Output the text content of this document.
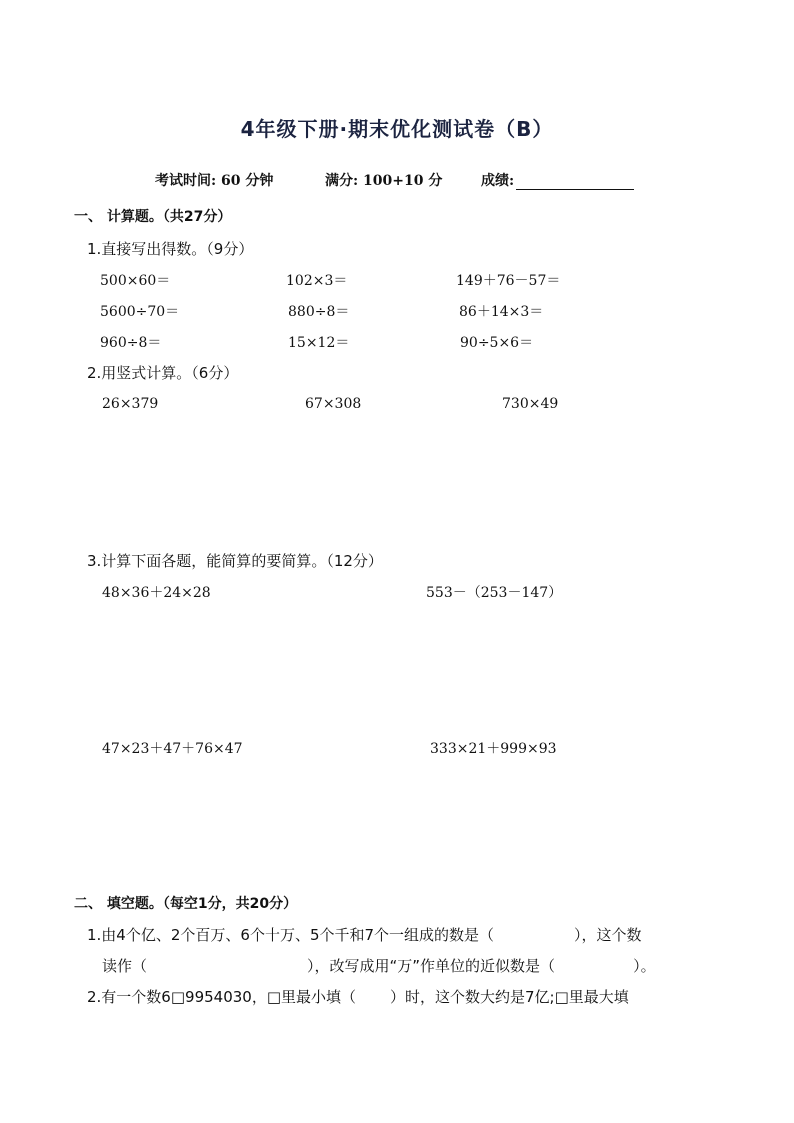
4年级下册·期末优化测试卷（B）
考试时间: 60 分钟	满分: 100+10 分	成绩:
一、 计算题。（共27分）
1.直接写出得数。（9分）
500×60＝	102×3＝	149＋76－57＝
5600÷70＝	880÷8＝	86＋14×3＝
960÷8＝	15×12＝	90÷5×6＝
2.用竖式计算。（6分）
26×379	67×308	730×49
3.计算下面各题，能简算的要简算。（12分）
48×36＋24×28	553－（253－147）
47×23＋47＋76×47	333×21＋999×93
二、 填空题。（每空1分，共20分）
1.由4个亿、2个百万、6个十万、5个千和7个一组成的数是（	），这个数
读作（	），改写成用“万”作单位的近似数是（	）。
2.有一个数6□9954030，□里最小填（ ）时，这个数大约是7亿;□里最大填
